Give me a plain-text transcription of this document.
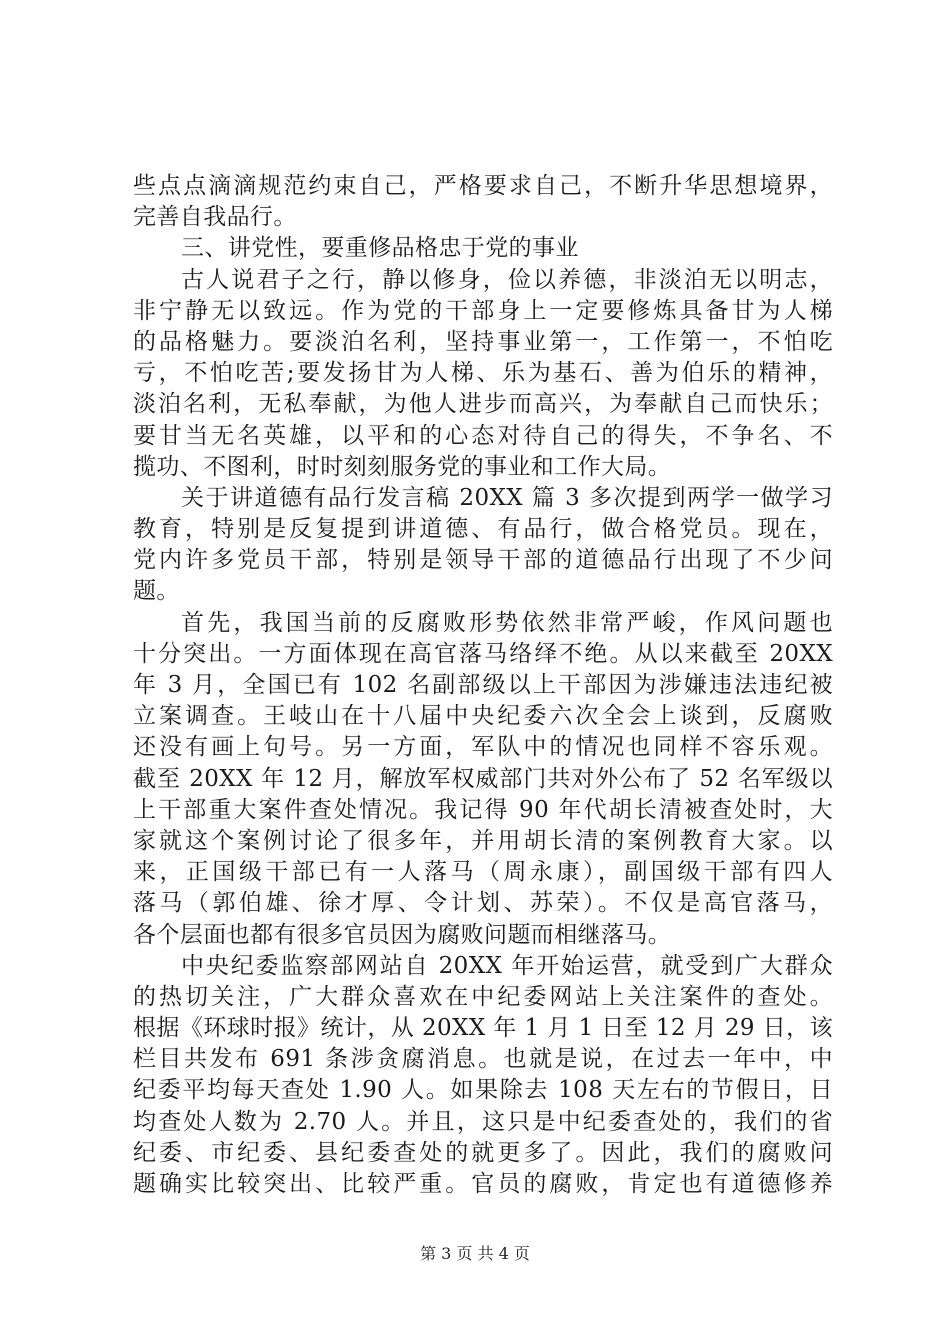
些点点滴滴规范约束自己，严格要求自己，不断升华思想境界，
完善自我品行。
三、讲党性，要重修品格忠于党的事业
古人说君子之行，静以修身，俭以养德，非淡泊无以明志，
非宁静无以致远。作为党的干部身上一定要修炼具备甘为人梯
的品格魅力。要淡泊名利，坚持事业第一，工作第一，不怕吃
亏，不怕吃苦;要发扬甘为人梯、乐为基石、善为伯乐的精神，
淡泊名利，无私奉献，为他人进步而高兴，为奉献自己而快乐；
要甘当无名英雄，以平和的心态对待自己的得失，不争名、不
揽功、不图利，时时刻刻服务党的事业和工作大局。
关于讲道德有品行发言稿 20XX 篇 3 多次提到两学一做学习
教育，特别是反复提到讲道德、有品行，做合格党员。现在，
党内许多党员干部，特别是领导干部的道德品行出现了不少问
题。
首先，我国当前的反腐败形势依然非常严峻，作风问题也
十分突出。一方面体现在高官落马络绎不绝。从以来截至 20XX
年 3 月，全国已有 102 名副部级以上干部因为涉嫌违法违纪被
立案调查。王岐山在十八届中央纪委六次全会上谈到，反腐败
还没有画上句号。另一方面，军队中的情况也同样不容乐观。
截至 20XX 年 12 月，解放军权威部门共对外公布了 52 名军级以
上干部重大案件查处情况。我记得 90 年代胡长清被查处时，大
家就这个案例讨论了很多年，并用胡长清的案例教育大家。以
来，正国级干部已有一人落马（周永康），副国级干部有四人
落马（郭伯雄、徐才厚、令计划、苏荣）。不仅是高官落马，
各个层面也都有很多官员因为腐败问题而相继落马。
中央纪委监察部网站自 20XX 年开始运营，就受到广大群众
的热切关注，广大群众喜欢在中纪委网站上关注案件的查处。
根据《环球时报》统计，从 20XX 年 1 月 1 日至 12 月 29 日，该
栏目共发布 691 条涉贪腐消息。也就是说，在过去一年中，中
纪委平均每天查处 1.90 人。如果除去 108 天左右的节假日，日
均查处人数为 2.70 人。并且，这只是中纪委查处的，我们的省
纪委、市纪委、县纪委查处的就更多了。因此，我们的腐败问
题确实比较突出、比较严重。官员的腐败，肯定也有道德修养
第 3 页 共 4 页
